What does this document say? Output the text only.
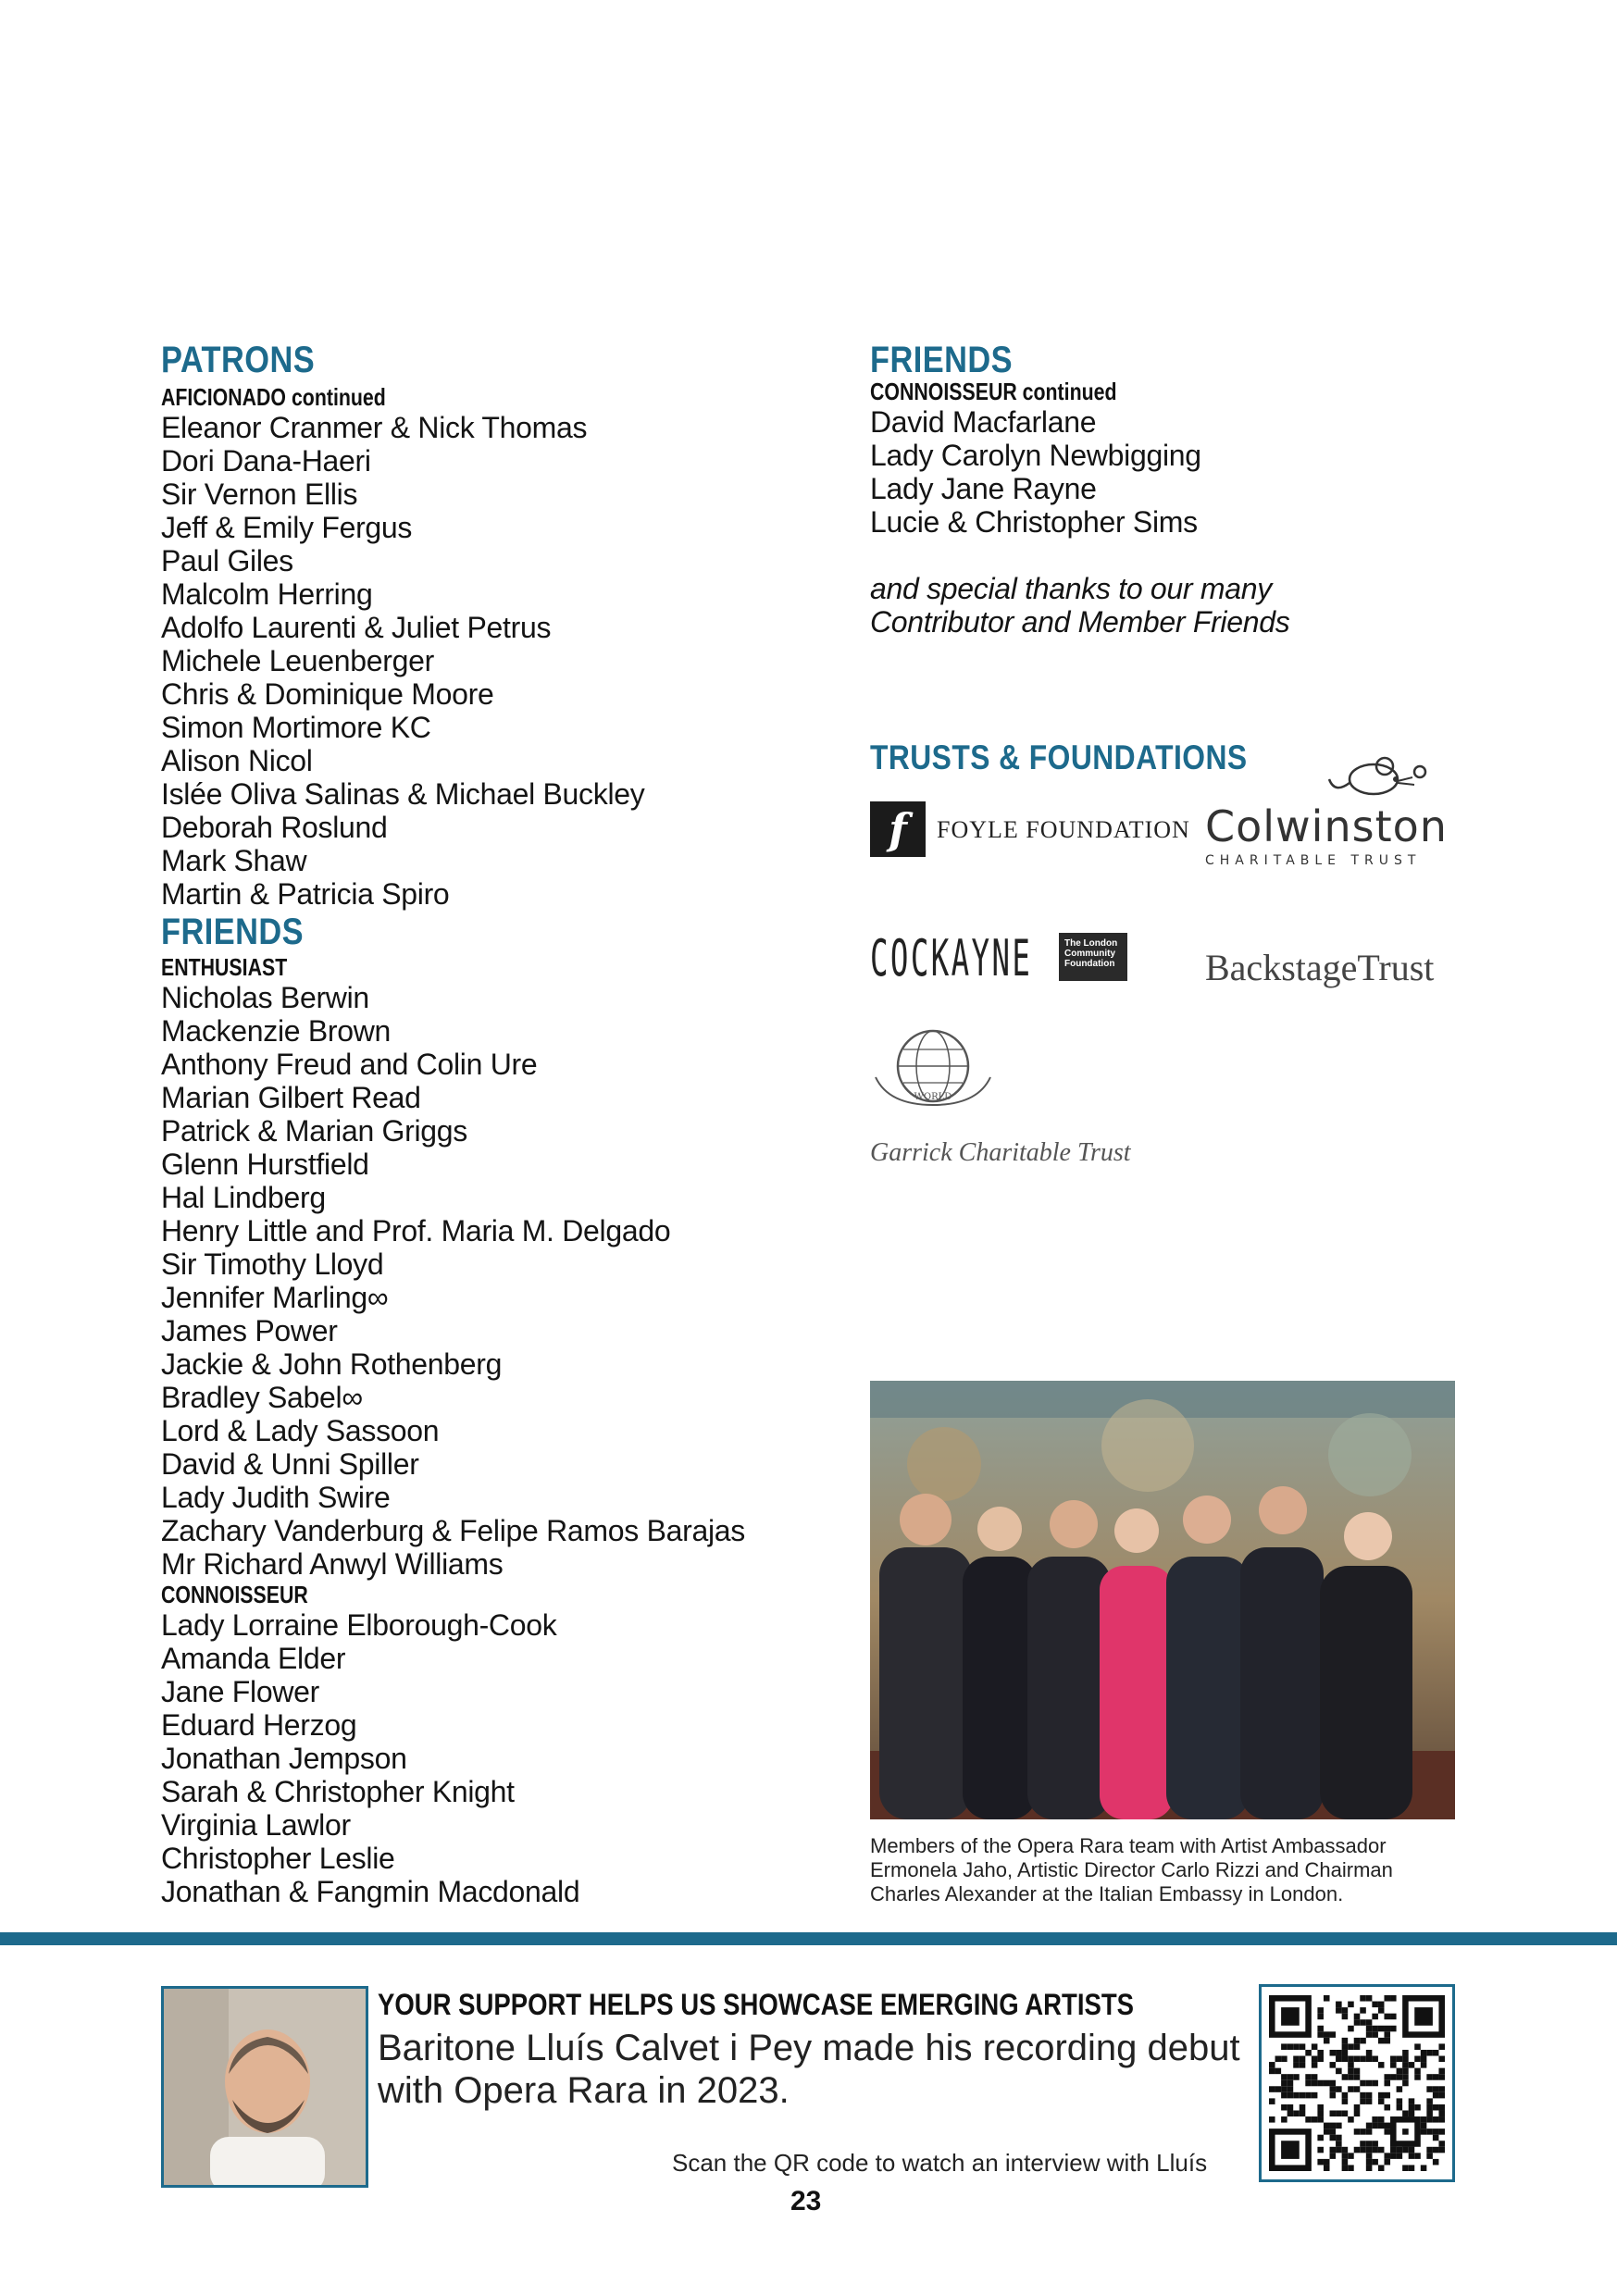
PATRONS
AFICIONADO continued
Eleanor Cranmer & Nick Thomas
Dori Dana-Haeri
Sir Vernon Ellis
Jeff & Emily Fergus
Paul Giles
Malcolm Herring
Adolfo Laurenti & Juliet Petrus
Michele Leuenberger
Chris & Dominique Moore
Simon Mortimore KC
Alison Nicol
Islée Oliva Salinas & Michael Buckley
Deborah Roslund
Mark Shaw
Martin & Patricia Spiro
FRIENDS
ENTHUSIAST
Nicholas Berwin
Mackenzie Brown
Anthony Freud and Colin Ure
Marian Gilbert Read
Patrick & Marian Griggs
Glenn Hurstfield
Hal Lindberg
Henry Little and Prof. Maria M. Delgado
Sir Timothy Lloyd
Jennifer Marling∞
James Power
Jackie & John Rothenberg
Bradley Sabel∞
Lord & Lady Sassoon
David & Unni Spiller
Lady Judith Swire
Zachary Vanderburg & Felipe Ramos Barajas
Mr Richard Anwyl Williams
CONNOISSEUR
Lady Lorraine Elborough-Cook
Amanda Elder
Jane Flower
Eduard Herzog
Jonathan Jempson
Sarah & Christopher Knight
Virginia Lawlor
Christopher Leslie
Jonathan & Fangmin Macdonald
FRIENDS
CONNOISSEUR continued
David Macfarlane
Lady Carolyn Newbigging
Lady Jane Rayne
Lucie & Christopher Sims
and special thanks to our many
Contributor and Member Friends
TRUSTS & FOUNDATIONS
f	FOYLE FOUNDATION Colwinston
CHARITABLE TRUST
COCKAYNE	The London Community Foundation	BackstageTrust
WORLD
Garrick Charitable Trust
Members of the Opera Rara team with Artist Ambassador Ermonela Jaho, Artistic Director Carlo Rizzi and Chairman Charles Alexander at the Italian Embassy in London.
YOUR SUPPORT HELPS US SHOWCASE EMERGING ARTISTS

Baritone Lluís Calvet i Pey made his recording debut with Opera Rara in 2023.

Scan the QR code to watch an interview with Lluís
23
